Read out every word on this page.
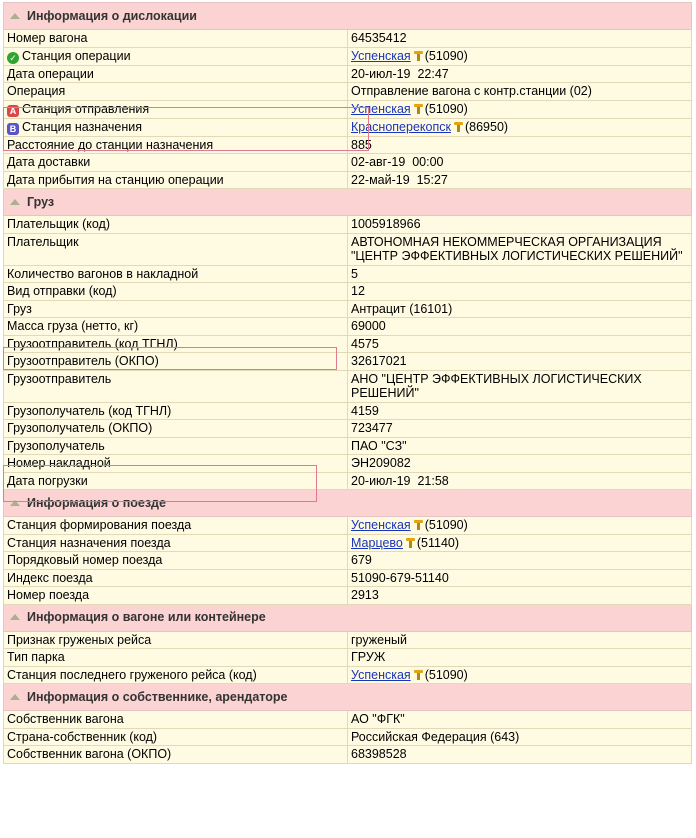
Информация о дислокации	
Номер вагона	64535412
✓ Станция операции	Успенская (51090)
Дата операции	20-июл-19  22:47
Операция	Отправление вагона с контр.станции (02)
A Станция отправления	Успенская (51090)
B Станция назначения	Красноперекопск (86950)
Расстояние до станции назначения	885
Дата доставки	02-авг-19  00:00
Дата прибытия на станцию операции	22-май-19  15:27
Груз	
Плательщик (код)	1005918966
Плательщик	АВТОНОМНАЯ НЕКОММЕРЧЕСКАЯ ОРГАНИЗАЦИЯ "ЦЕНТР ЭФФЕКТИВНЫХ ЛОГИСТИЧЕСКИХ РЕШЕНИЙ"
Количество вагонов в накладной	5
Вид отправки (код)	12
Груз	Антрацит (16101)
Масса груза (нетто, кг)	69000
Грузоотправитель (код ТГНЛ)	4575
Грузоотправитель (ОКПО)	32617021
Грузоотправитель	АНО "ЦЕНТР ЭФФЕКТИВНЫХ ЛОГИСТИЧЕСКИХ РЕШЕНИЙ"
Грузополучатель (код ТГНЛ)	4159
Грузополучатель (ОКПО)	723477
Грузополучатель	ПАО "СЗ"
Номер накладной	ЭН209082
Дата погрузки	20-июл-19  21:58
Информация о поезде	
Станция формирования поезда	Успенская (51090)
Станция назначения поезда	Марцево (51140)
Порядковый номер поезда	679
Индекс поезда	51090-679-51140
Номер поезда	2913
Информация о вагоне или контейнере	
Признак груженых рейса	груженый
Тип парка	ГРУЖ
Станция последнего груженого рейса (код)	Успенская (51090)
Информация о собственнике, арендаторе	
Собственник вагона	АО "ФГК"
Страна-собственник (код)	Российская Федерация (643)
Собственник вагона (ОКПО)	68398528
